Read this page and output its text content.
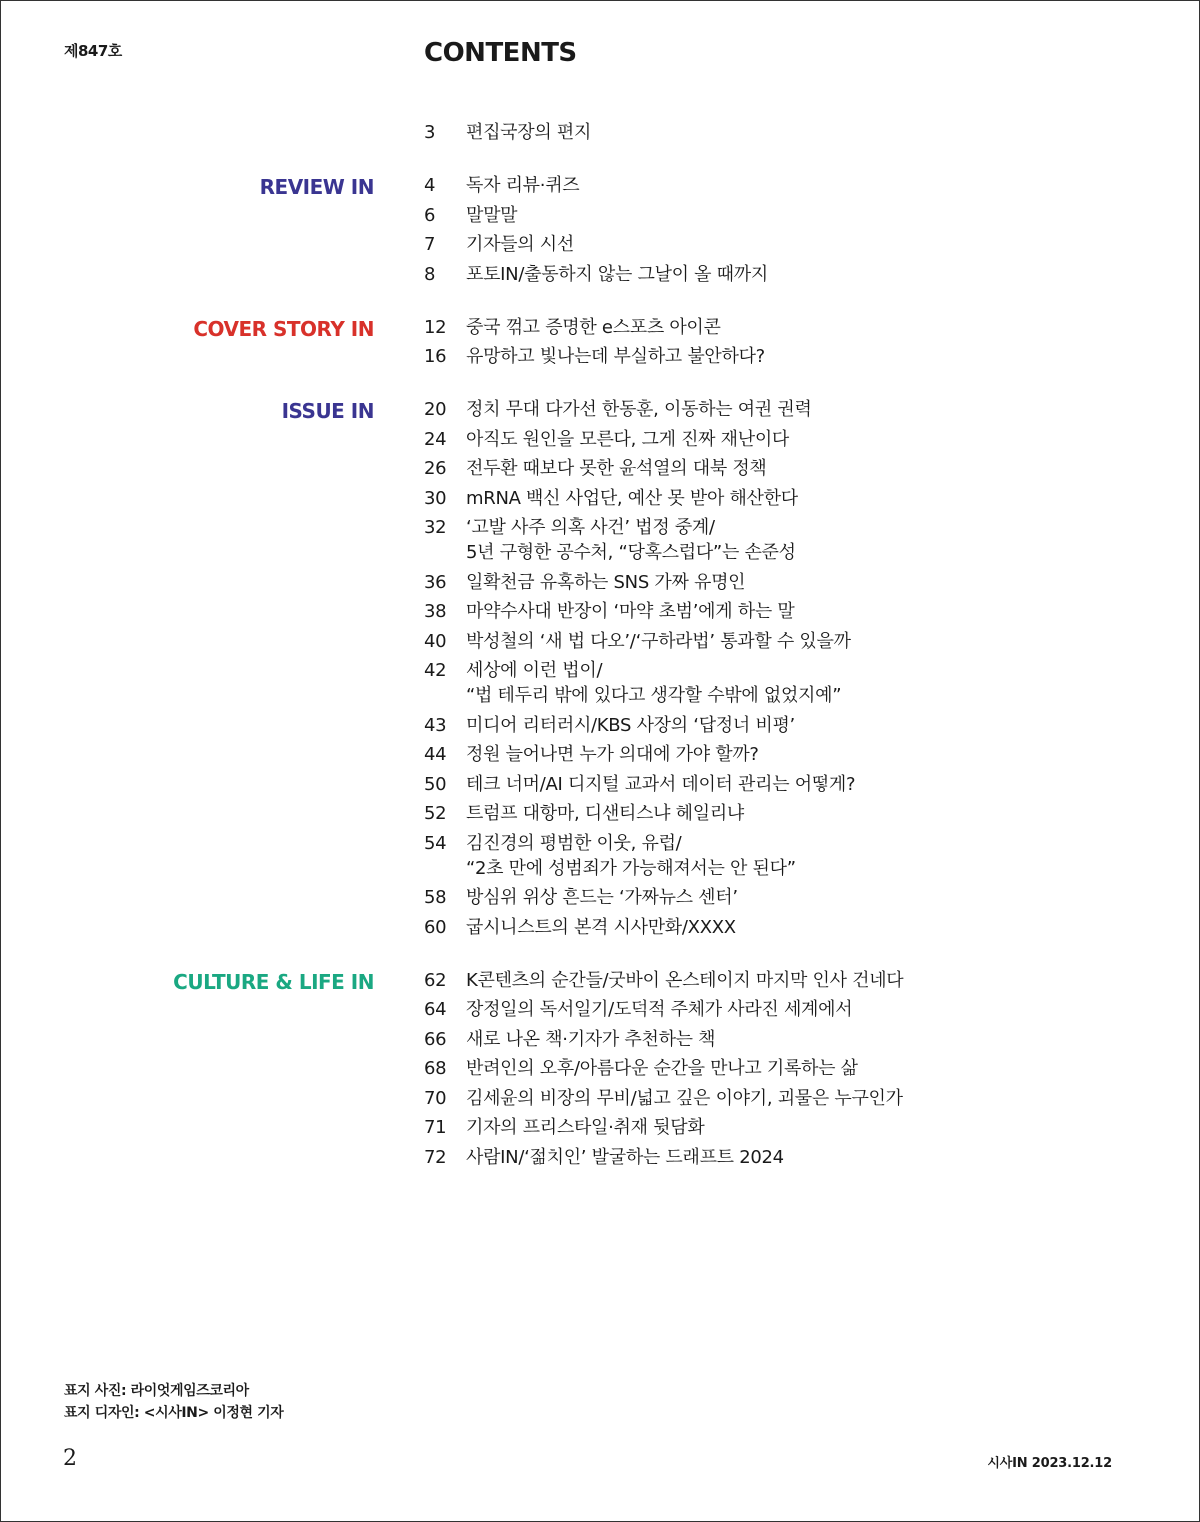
제847호	CONTENTS
3	편집국장의 편지
REVIEW IN	4	독자 리뷰·퀴즈
6	말말말
7	기자들의 시선
8	포토IN/출동하지 않는 그날이 올 때까지
COVER STORY IN	12	중국 꺾고 증명한 e스포츠 아이콘
16	유망하고 빛나는데 부실하고 불안하다?
ISSUE IN	20	정치 무대 다가선 한동훈, 이동하는 여권 권력
24	아직도 원인을 모른다, 그게 진짜 재난이다
26	전두환 때보다 못한 윤석열의 대북 정책
30	mRNA 백신 사업단, 예산 못 받아 해산한다
32	‘고발 사주 의혹 사건’ 법정 중계/
5년 구형한 공수처, “당혹스럽다”는 손준성
36	일확천금 유혹하는 SNS 가짜 유명인
38	마약수사대 반장이 ‘마약 초범’에게 하는 말
40	박성철의 ‘새 법 다오’/‘구하라법’ 통과할 수 있을까
42	세상에 이런 법이/
“법 테두리 밖에 있다고 생각할 수밖에 없었지예”
43	미디어 리터러시/KBS 사장의 ‘답정너 비평’
44	정원 늘어나면 누가 의대에 가야 할까?
50	테크 너머/AI 디지털 교과서 데이터 관리는 어떻게?
52	트럼프 대항마, 디샌티스냐 헤일리냐
54	김진경의 평범한 이웃, 유럽/
“2초 만에 성범죄가 가능해져서는 안 된다”
58	방심위 위상 흔드는 ‘가짜뉴스 센터’
60	굽시니스트의 본격 시사만화/XXXX
CULTURE & LIFE IN	62	K콘텐츠의 순간들/굿바이 온스테이지 마지막 인사 건네다
64	장정일의 독서일기/도덕적 주체가 사라진 세계에서
66	새로 나온 책·기자가 추천하는 책
68	반려인의 오후/아름다운 순간을 만나고 기록하는 삶
70	김세윤의 비장의 무비/넓고 깊은 이야기, 괴물은 누구인가
71	기자의 프리스타일·취재 뒷담화
72	사람IN/‘젊치인’ 발굴하는 드래프트 2024
표지 사진: 라이엇게임즈코리아
표지 디자인: <시사IN> 이정현 기자
2	시사IN 2023.12.12
